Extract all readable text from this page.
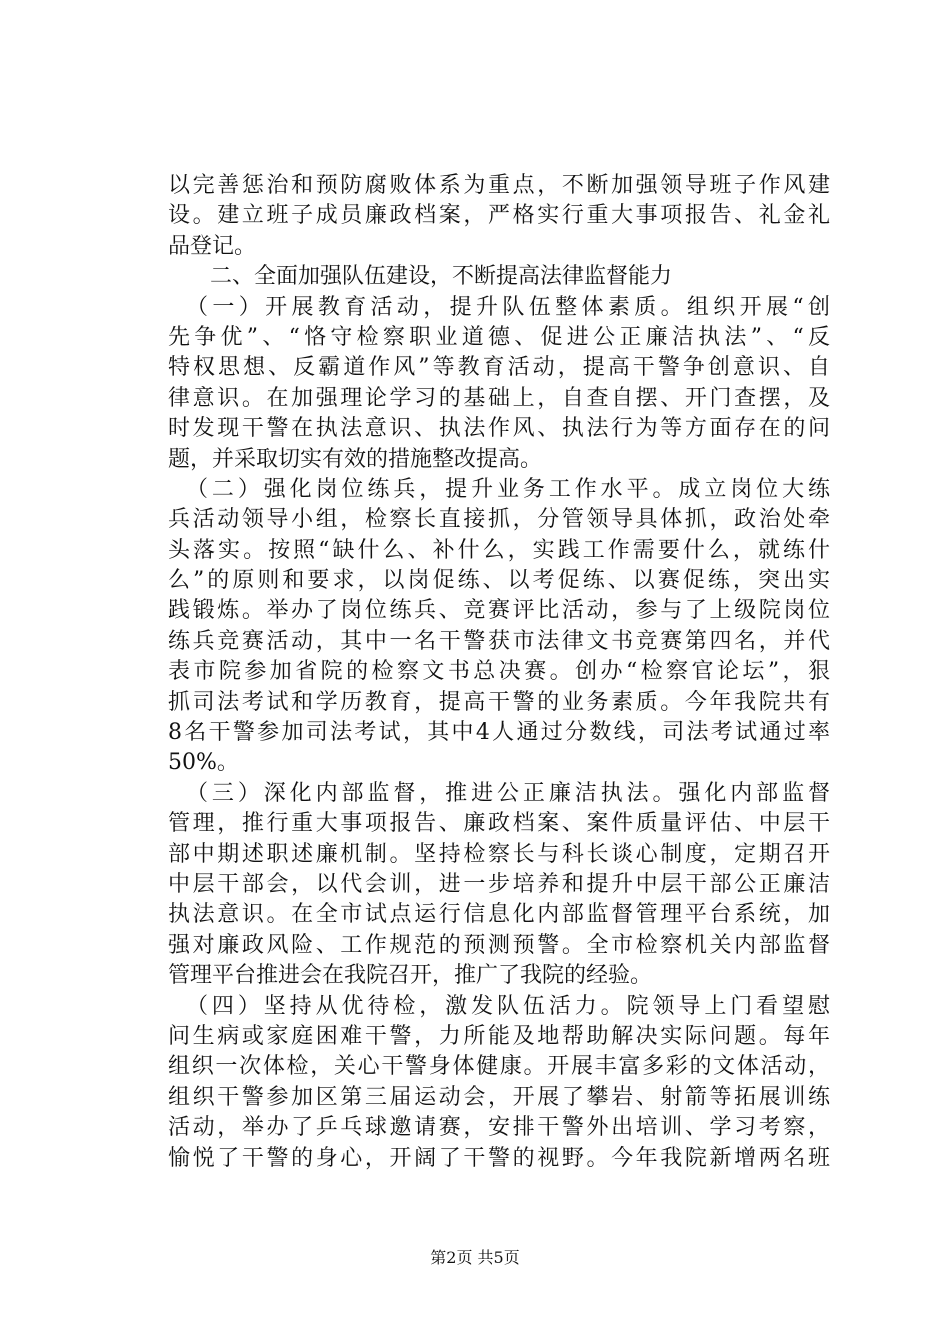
以完善惩治和预防腐败体系为重点，不断加强领导班子作风建
设。建立班子成员廉政档案，严格实行重大事项报告、礼金礼
品登记。
二、全面加强队伍建设，不断提高法律监督能力
（一）开展教育活动，提升队伍整体素质。组织开展“创
先争优”、“恪守检察职业道德、促进公正廉洁执法”、“反
特权思想、反霸道作风”等教育活动，提高干警争创意识、自
律意识。在加强理论学习的基础上，自查自摆、开门查摆，及
时发现干警在执法意识、执法作风、执法行为等方面存在的问
题，并采取切实有效的措施整改提高。
（二）强化岗位练兵，提升业务工作水平。成立岗位大练
兵活动领导小组，检察长直接抓，分管领导具体抓，政治处牵
头落实。按照“缺什么、补什么，实践工作需要什么，就练什
么”的原则和要求，以岗促练、以考促练、以赛促练，突出实
践锻炼。举办了岗位练兵、竞赛评比活动，参与了上级院岗位
练兵竞赛活动，其中一名干警获市法律文书竞赛第四名，并代
表市院参加省院的检察文书总决赛。创办“检察官论坛”，狠
抓司法考试和学历教育，提高干警的业务素质。今年我院共有
8名干警参加司法考试，其中4人通过分数线，司法考试通过率
50%。
（三）深化内部监督，推进公正廉洁执法。强化内部监督
管理，推行重大事项报告、廉政档案、案件质量评估、中层干
部中期述职述廉机制。坚持检察长与科长谈心制度，定期召开
中层干部会，以代会训，进一步培养和提升中层干部公正廉洁
执法意识。在全市试点运行信息化内部监督管理平台系统，加
强对廉政风险、工作规范的预测预警。全市检察机关内部监督
管理平台推进会在我院召开，推广了我院的经验。
（四）坚持从优待检，激发队伍活力。院领导上门看望慰
问生病或家庭困难干警，力所能及地帮助解决实际问题。每年
组织一次体检，关心干警身体健康。开展丰富多彩的文体活动，
组织干警参加区第三届运动会，开展了攀岩、射箭等拓展训练
活动，举办了乒乓球邀请赛，安排干警外出培训、学习考察，
愉悦了干警的身心，开阔了干警的视野。今年我院新增两名班
第2页 共5页
